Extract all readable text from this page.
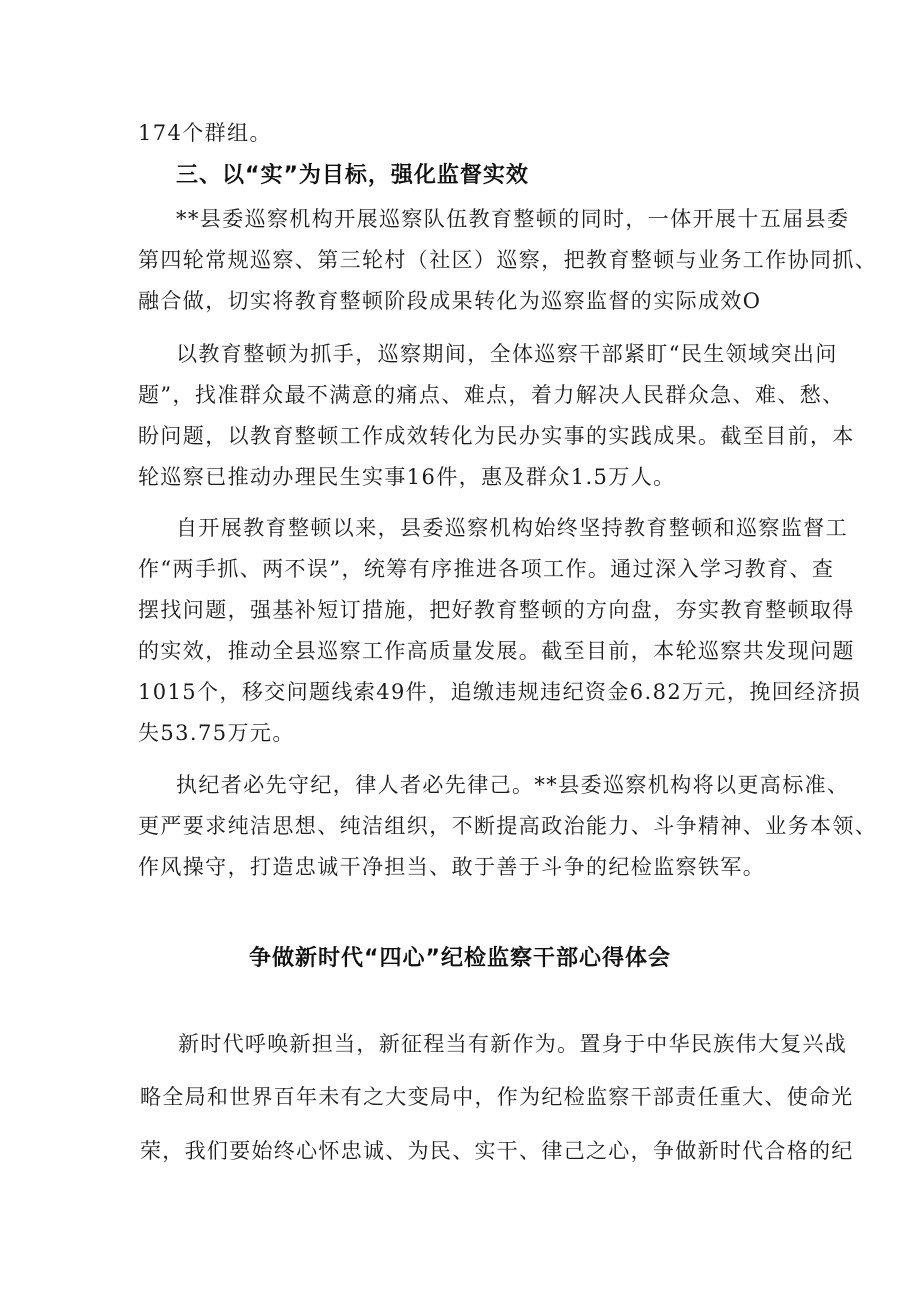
174个群组。
三、以“实”为目标，强化监督实效
**县委巡察机构开展巡察队伍教育整顿的同时，一体开展十五届县委
第四轮常规巡察、第三轮村（社区）巡察，把教育整顿与业务工作协同抓、
融合做，切实将教育整顿阶段成果转化为巡察监督的实际成效O
以教育整顿为抓手，巡察期间，全体巡察干部紧盯“民生领域突出问
题”，找准群众最不满意的痛点、难点，着力解决人民群众急、难、愁、
盼问题，以教育整顿工作成效转化为民办实事的实践成果。截至目前，本
轮巡察已推动办理民生实事16件，惠及群众1.5万人。
自开展教育整顿以来，县委巡察机构始终坚持教育整顿和巡察监督工
作“两手抓、两不误”，统筹有序推进各项工作。通过深入学习教育、查
摆找问题，强基补短订措施，把好教育整顿的方向盘，夯实教育整顿取得
的实效，推动全县巡察工作高质量发展。截至目前，本轮巡察共发现问题
1015个，移交问题线索49件，追缴违规违纪资金6.82万元，挽回经济损
失53.75万元。
执纪者必先守纪，律人者必先律己。**县委巡察机构将以更高标准、
更严要求纯洁思想、纯洁组织，不断提高政治能力、斗争精神、业务本领、
作风操守，打造忠诚干净担当、敢于善于斗争的纪检监察铁军。
争做新时代“四心”纪检监察干部心得体会
新时代呼唤新担当，新征程当有新作为。置身于中华民族伟大复兴战
略全局和世界百年未有之大变局中，作为纪检监察干部责任重大、使命光
荣，我们要始终心怀忠诚、为民、实干、律己之心，争做新时代合格的纪
